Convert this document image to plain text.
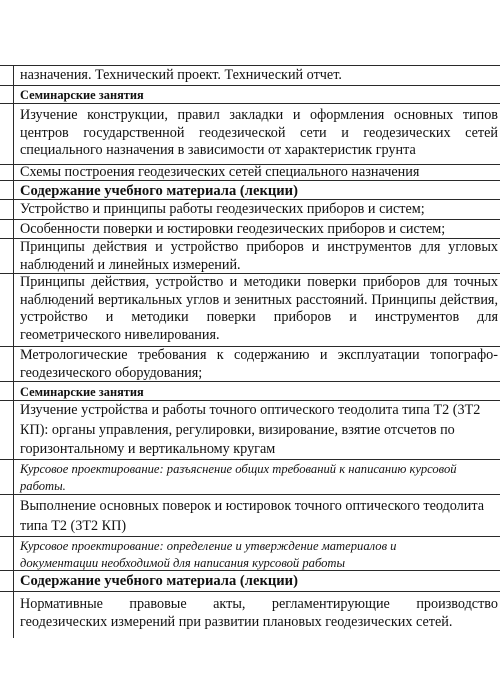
назначения. Технический проект. Технический отчет.
Семинарские занятия
Изучение конструкции, правил закладки и оформления основных типов
центров государственной геодезической сети и геодезических сетей
специального назначения в зависимости от характеристик грунта
Схемы построения геодезических сетей специального назначения
Содержание учебного материала (лекции)
Устройство и принципы работы геодезических приборов и систем;
Особенности поверки и юстировки геодезических приборов и систем;
Принципы действия и устройство приборов и инструментов для угловых
наблюдений и линейных измерений.
Принципы действия, устройство и методики поверки приборов для точных
наблюдений вертикальных углов и зенитных расстояний. Принципы действия,
устройство и методики поверки приборов и инструментов для
геометрического нивелирования.
Метрологические требования к содержанию и эксплуатации топографо-
геодезического оборудования;
Семинарские занятия
Изучение устройства и работы точного оптического теодолита типа Т2 (3Т2
КП): органы управления, регулировки, визирование, взятие отсчетов по
горизонтальному и вертикальному кругам
Курсовое проектирование: разъяснение общих требований к написанию курсовой
работы.
Выполнение основных поверок и юстировок точного оптического теодолита
типа Т2 (3Т2 КП)
Курсовое проектирование: определение и утверждение материалов и
документации необходимой для написания курсовой работы
Содержание учебного материала (лекции)
Нормативные правовые акты, регламентирующие производство
геодезических измерений при развитии плановых геодезических сетей.
